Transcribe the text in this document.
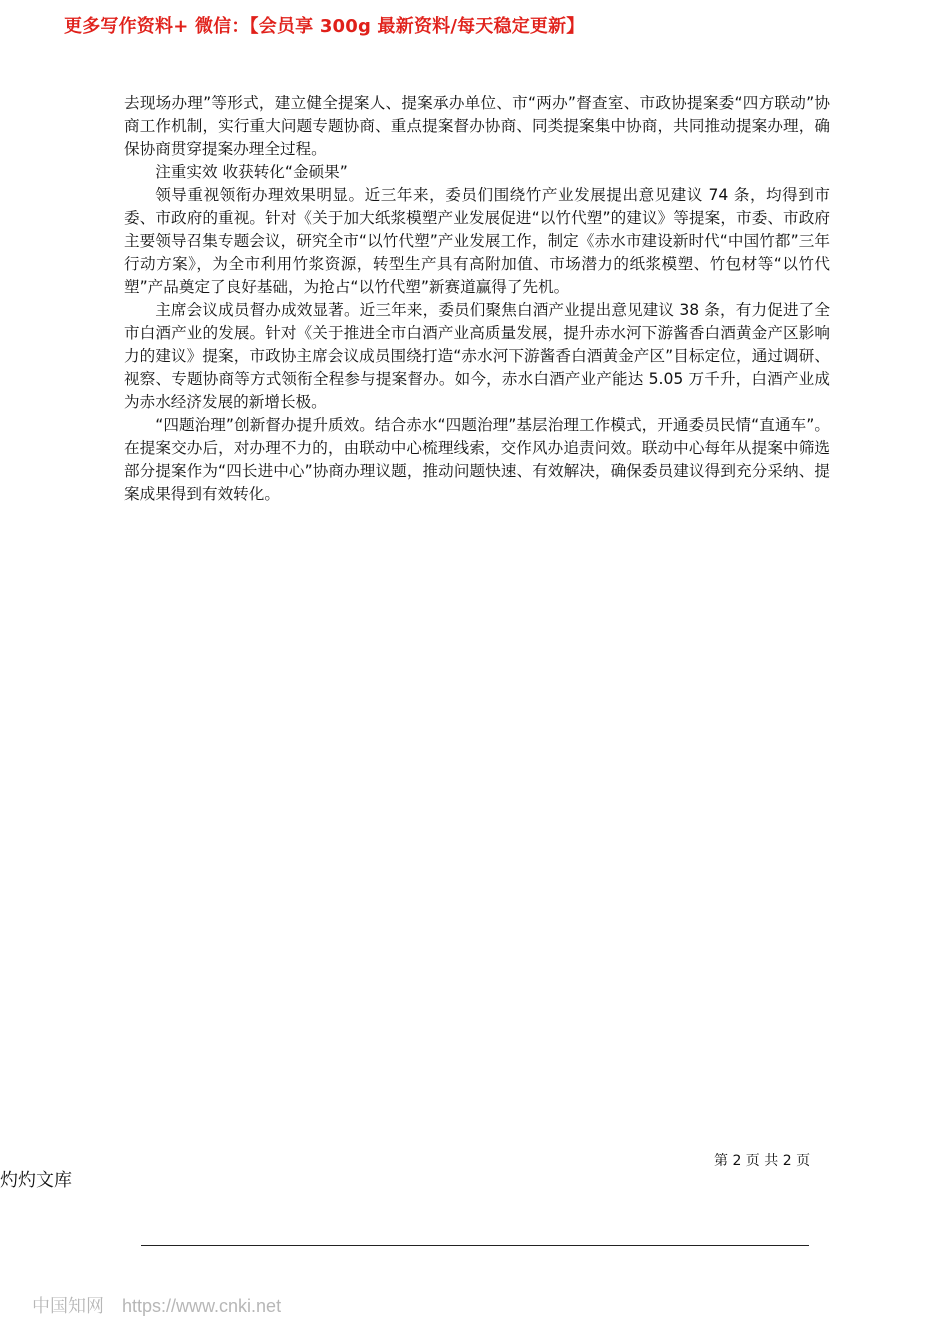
更多写作资料+ 微信：【会员享 300g 最新资料/每天稳定更新】

去现场办理”等形式，建立健全提案人、提案承办单位、市“两办”督查室、市政协提案委“四方联动”协商工作机制，实行重大问题专题协商、重点提案督办协商、同类提案集中协商，共同推动提案办理，确保协商贯穿提案办理全过程。

注重实效 收获转化“金硕果”

领导重视领衔办理效果明显。近三年来，委员们围绕竹产业发展提出意见建议 74 条，均得到市委、市政府的重视。针对《关于加大纸浆模塑产业发展促进“以竹代塑”的建议》等提案，市委、市政府主要领导召集专题会议，研究全市“以竹代塑”产业发展工作，制定《赤水市建设新时代“中国竹都”三年行动方案》，为全市利用竹浆资源，转型生产具有高附加值、市场潜力的纸浆模塑、竹包材等“以竹代塑”产品奠定了良好基础，为抢占“以竹代塑”新赛道赢得了先机。

主席会议成员督办成效显著。近三年来，委员们聚焦白酒产业提出意见建议 38 条，有力促进了全市白酒产业的发展。针对《关于推进全市白酒产业高质量发展，提升赤水河下游酱香白酒黄金产区影响力的建议》提案，市政协主席会议成员围绕打造“赤水河下游酱香白酒黄金产区”目标定位，通过调研、视察、专题协商等方式领衔全程参与提案督办。如今，赤水白酒产业产能达 5.05 万千升，白酒产业成为赤水经济发展的新增长极。

“四题治理”创新督办提升质效。结合赤水“四题治理”基层治理工作模式，开通委员民情“直通车”。在提案交办后，对办理不力的，由联动中心梳理线索，交作风办追责问效。联动中心每年从提案中筛选部分提案作为“四长进中心”协商办理议题，推动问题快速、有效解决，确保委员建议得到充分采纳、提案成果得到有效转化。

第 2 页 共 2 页
灼灼文库
中国知网 https://www.cnki.net
